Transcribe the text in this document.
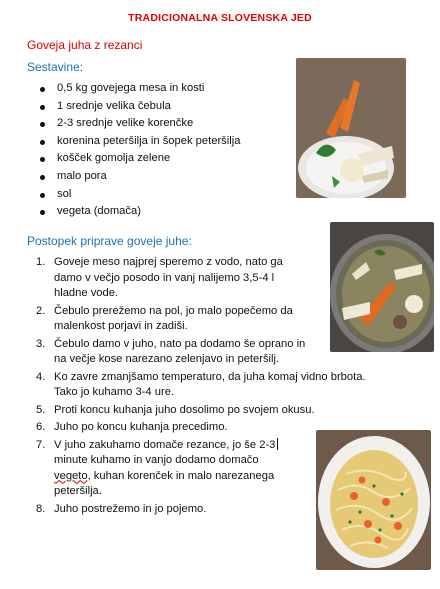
TRADICIONALNA SLOVENSKA JED
Goveja juha z rezanci
Sestavine:
0,5 kg govejega mesa in kosti
1 srednje velika čebula
2-3 srednje velike korenčke
korenina peteršilja in šopek peteršilja
košček gomolja zelene
malo pora
sol
vegeta (domača)
Postopek priprave goveje juhe:
1. Goveje meso najprej speremo z vodo, nato ga
damo v večjo posodo in vanj nalijemo 3,5-4 l
hladne vode.
2. Čebulo prerežemo na pol, jo malo popečemo da
malenkost porjavi in zadiši.
3. Čebulo damo v juho, nato pa dodamo še oprano in
na večje kose narezano zelenjavo in peteršilj.
4. Ko zavre zmanjšamo temperaturo, da juha komaj vidno brbota.
Tako jo kuhamo 3-4 ure.
5. Proti koncu kuhanja juho dosolimo po svojem okusu.
6. Juho po koncu kuhanja precedimo.
7. V juho zakuhamo domače rezance, jo še 2-3
minute kuhamo in vanjo dodamo domačo
vegeto, kuhan korenček in malo narezanega
peteršilja.
8. Juho postrežemo in jo pojemo.
